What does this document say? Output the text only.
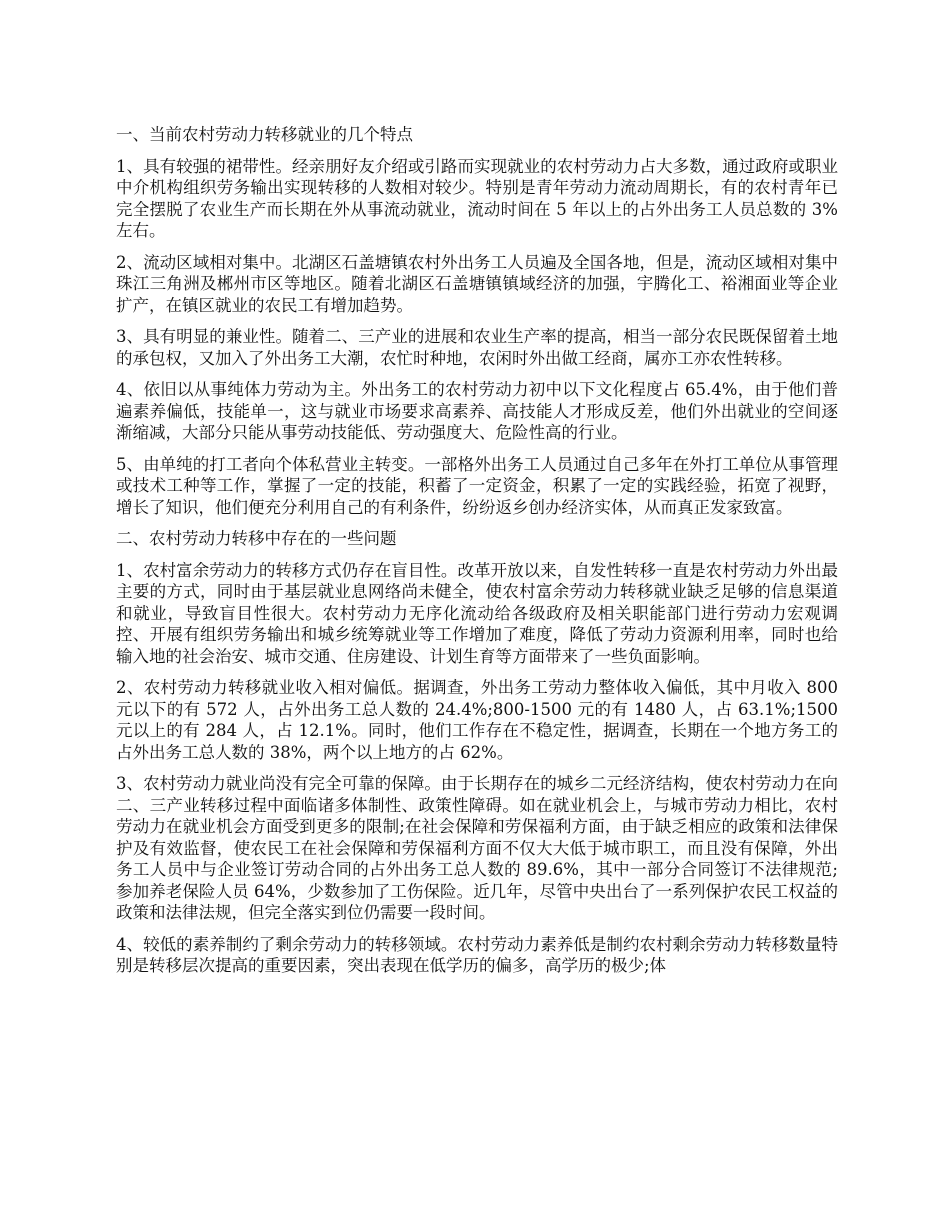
一、当前农村劳动力转移就业的几个特点

1、具有较强的裙带性。经亲朋好友介绍或引路而实现就业的农村劳动力占大多数，通过政府或职业中介机构组织劳务输出实现转移的人数相对较少。特别是青年劳动力流动周期长，有的农村青年已完全摆脱了农业生产而长期在外从事流动就业，流动时间在 5 年以上的占外出务工人员总数的 3%左右。

2、流动区域相对集中。北湖区石盖塘镇农村外出务工人员遍及全国各地，但是，流动区域相对集中珠江三角洲及郴州市区等地区。随着北湖区石盖塘镇镇域经济的加强，宇腾化工、裕湘面业等企业扩产，在镇区就业的农民工有增加趋势。

3、具有明显的兼业性。随着二、三产业的进展和农业生产率的提高，相当一部分农民既保留着土地的承包权，又加入了外出务工大潮，农忙时种地，农闲时外出做工经商，属亦工亦农性转移。

4、依旧以从事纯体力劳动为主。外出务工的农村劳动力初中以下文化程度占 65.4%，由于他们普遍素养偏低，技能单一，这与就业市场要求高素养、高技能人才形成反差，他们外出就业的空间逐渐缩减，大部分只能从事劳动技能低、劳动强度大、危险性高的行业。

5、由单纯的打工者向个体私营业主转变。一部格外出务工人员通过自己多年在外打工单位从事管理或技术工种等工作，掌握了一定的技能，积蓄了一定资金，积累了一定的实践经验，拓宽了视野，增长了知识，他们便充分利用自己的有利条件，纷纷返乡创办经济实体，从而真正发家致富。

二、农村劳动力转移中存在的一些问题

1、农村富余劳动力的转移方式仍存在盲目性。改革开放以来，自发性转移一直是农村劳动力外出最主要的方式，同时由于基层就业息网络尚未健全，使农村富余劳动力转移就业缺乏足够的信息渠道和就业，导致盲目性很大。农村劳动力无序化流动给各级政府及相关职能部门进行劳动力宏观调控、开展有组织劳务输出和城乡统筹就业等工作增加了难度，降低了劳动力资源利用率，同时也给输入地的社会治安、城市交通、住房建设、计划生育等方面带来了一些负面影响。

2、农村劳动力转移就业收入相对偏低。据调查，外出务工劳动力整体收入偏低，其中月收入 800 元以下的有 572 人，占外出务工总人数的 24.4%;800-1500 元的有 1480 人，占 63.1%;1500 元以上的有 284 人，占 12.1%。同时，他们工作存在不稳定性，据调查，长期在一个地方务工的占外出务工总人数的 38%，两个以上地方的占 62%。

3、农村劳动力就业尚没有完全可靠的保障。由于长期存在的城乡二元经济结构，使农村劳动力在向二、三产业转移过程中面临诸多体制性、政策性障碍。如在就业机会上，与城市劳动力相比，农村劳动力在就业机会方面受到更多的限制;在社会保障和劳保福利方面，由于缺乏相应的政策和法律保护及有效监督，使农民工在社会保障和劳保福利方面不仅大大低于城市职工，而且没有保障，外出务工人员中与企业签订劳动合同的占外出务工总人数的 89.6%，其中一部分合同签订不法律规范;参加养老保险人员 64%，少数参加了工伤保险。近几年，尽管中央出台了一系列保护农民工权益的政策和法律法规，但完全落实到位仍需要一段时间。

4、较低的素养制约了剩余劳动力的转移领域。农村劳动力素养低是制约农村剩余劳动力转移数量特别是转移层次提高的重要因素，突出表现在低学历的偏多，高学历的极少;体
